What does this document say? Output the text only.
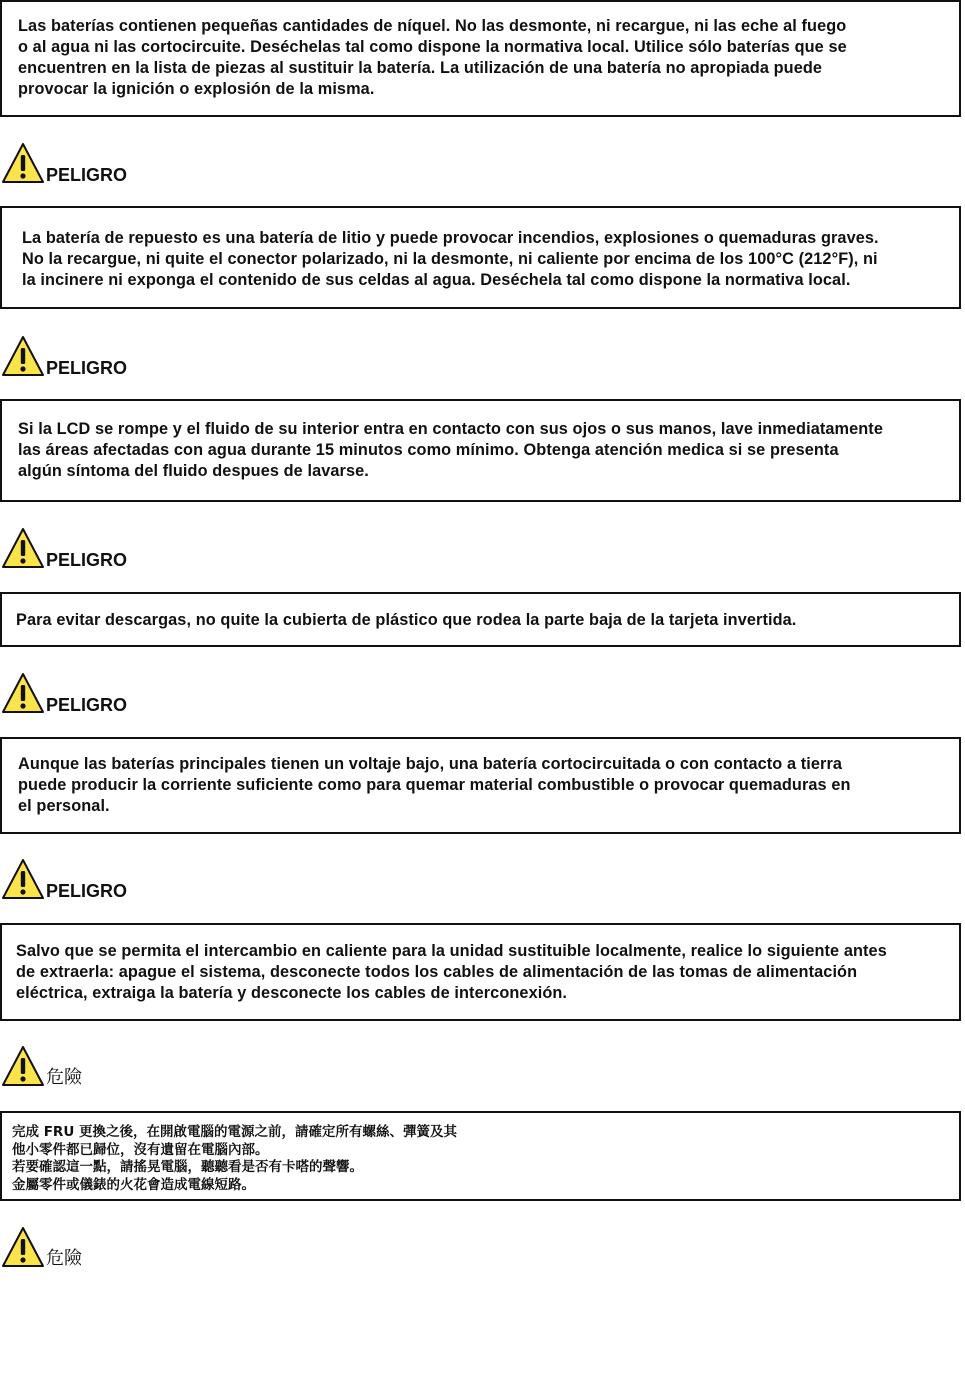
Las baterías contienen pequeñas cantidades de níquel. No las desmonte, ni recargue, ni las eche al fuego
o al agua ni las cortocircuite. Deséchelas tal como dispone la normativa local. Utilice sólo baterías que se
encuentren en la lista de piezas al sustituir la batería. La utilización de una batería no apropiada puede
provocar la ignición o explosión de la misma.
PELIGRO
La batería de repuesto es una batería de litio y puede provocar incendios, explosiones o quemaduras graves.
No la recargue, ni quite el conector polarizado, ni la desmonte, ni caliente por encima de los 100°C (212°F), ni
la incinere ni exponga el contenido de sus celdas al agua. Deséchela tal como dispone la normativa local.
PELIGRO
Si la LCD se rompe y el fluido de su interior entra en contacto con sus ojos o sus manos, lave inmediatamente
las áreas afectadas con agua durante 15 minutos como mínimo. Obtenga atención medica si se presenta
algún síntoma del fluido despues de lavarse.
PELIGRO
Para evitar descargas, no quite la cubierta de plástico que rodea la parte baja de la tarjeta invertida.
PELIGRO
Aunque las baterías principales tienen un voltaje bajo, una batería cortocircuitada o con contacto a tierra
puede producir la corriente suficiente como para quemar material combustible o provocar quemaduras en
el personal.
PELIGRO
Salvo que se permita el intercambio en caliente para la unidad sustituible localmente, realice lo siguiente antes
de extraerla: apague el sistema, desconecte todos los cables de alimentación de las tomas de alimentación
eléctrica, extraiga la batería y desconecte los cables de interconexión.
危險
完成 FRU 更換之後，在開啟電腦的電源之前，請確定所有螺絲、彈簧及其
他小零件都已歸位，沒有遺留在電腦內部。
若要確認這一點，請搖晃電腦，聽聽看是否有卡嗒的聲響。
金屬零件或儀錶的火花會造成電線短路。
危險
